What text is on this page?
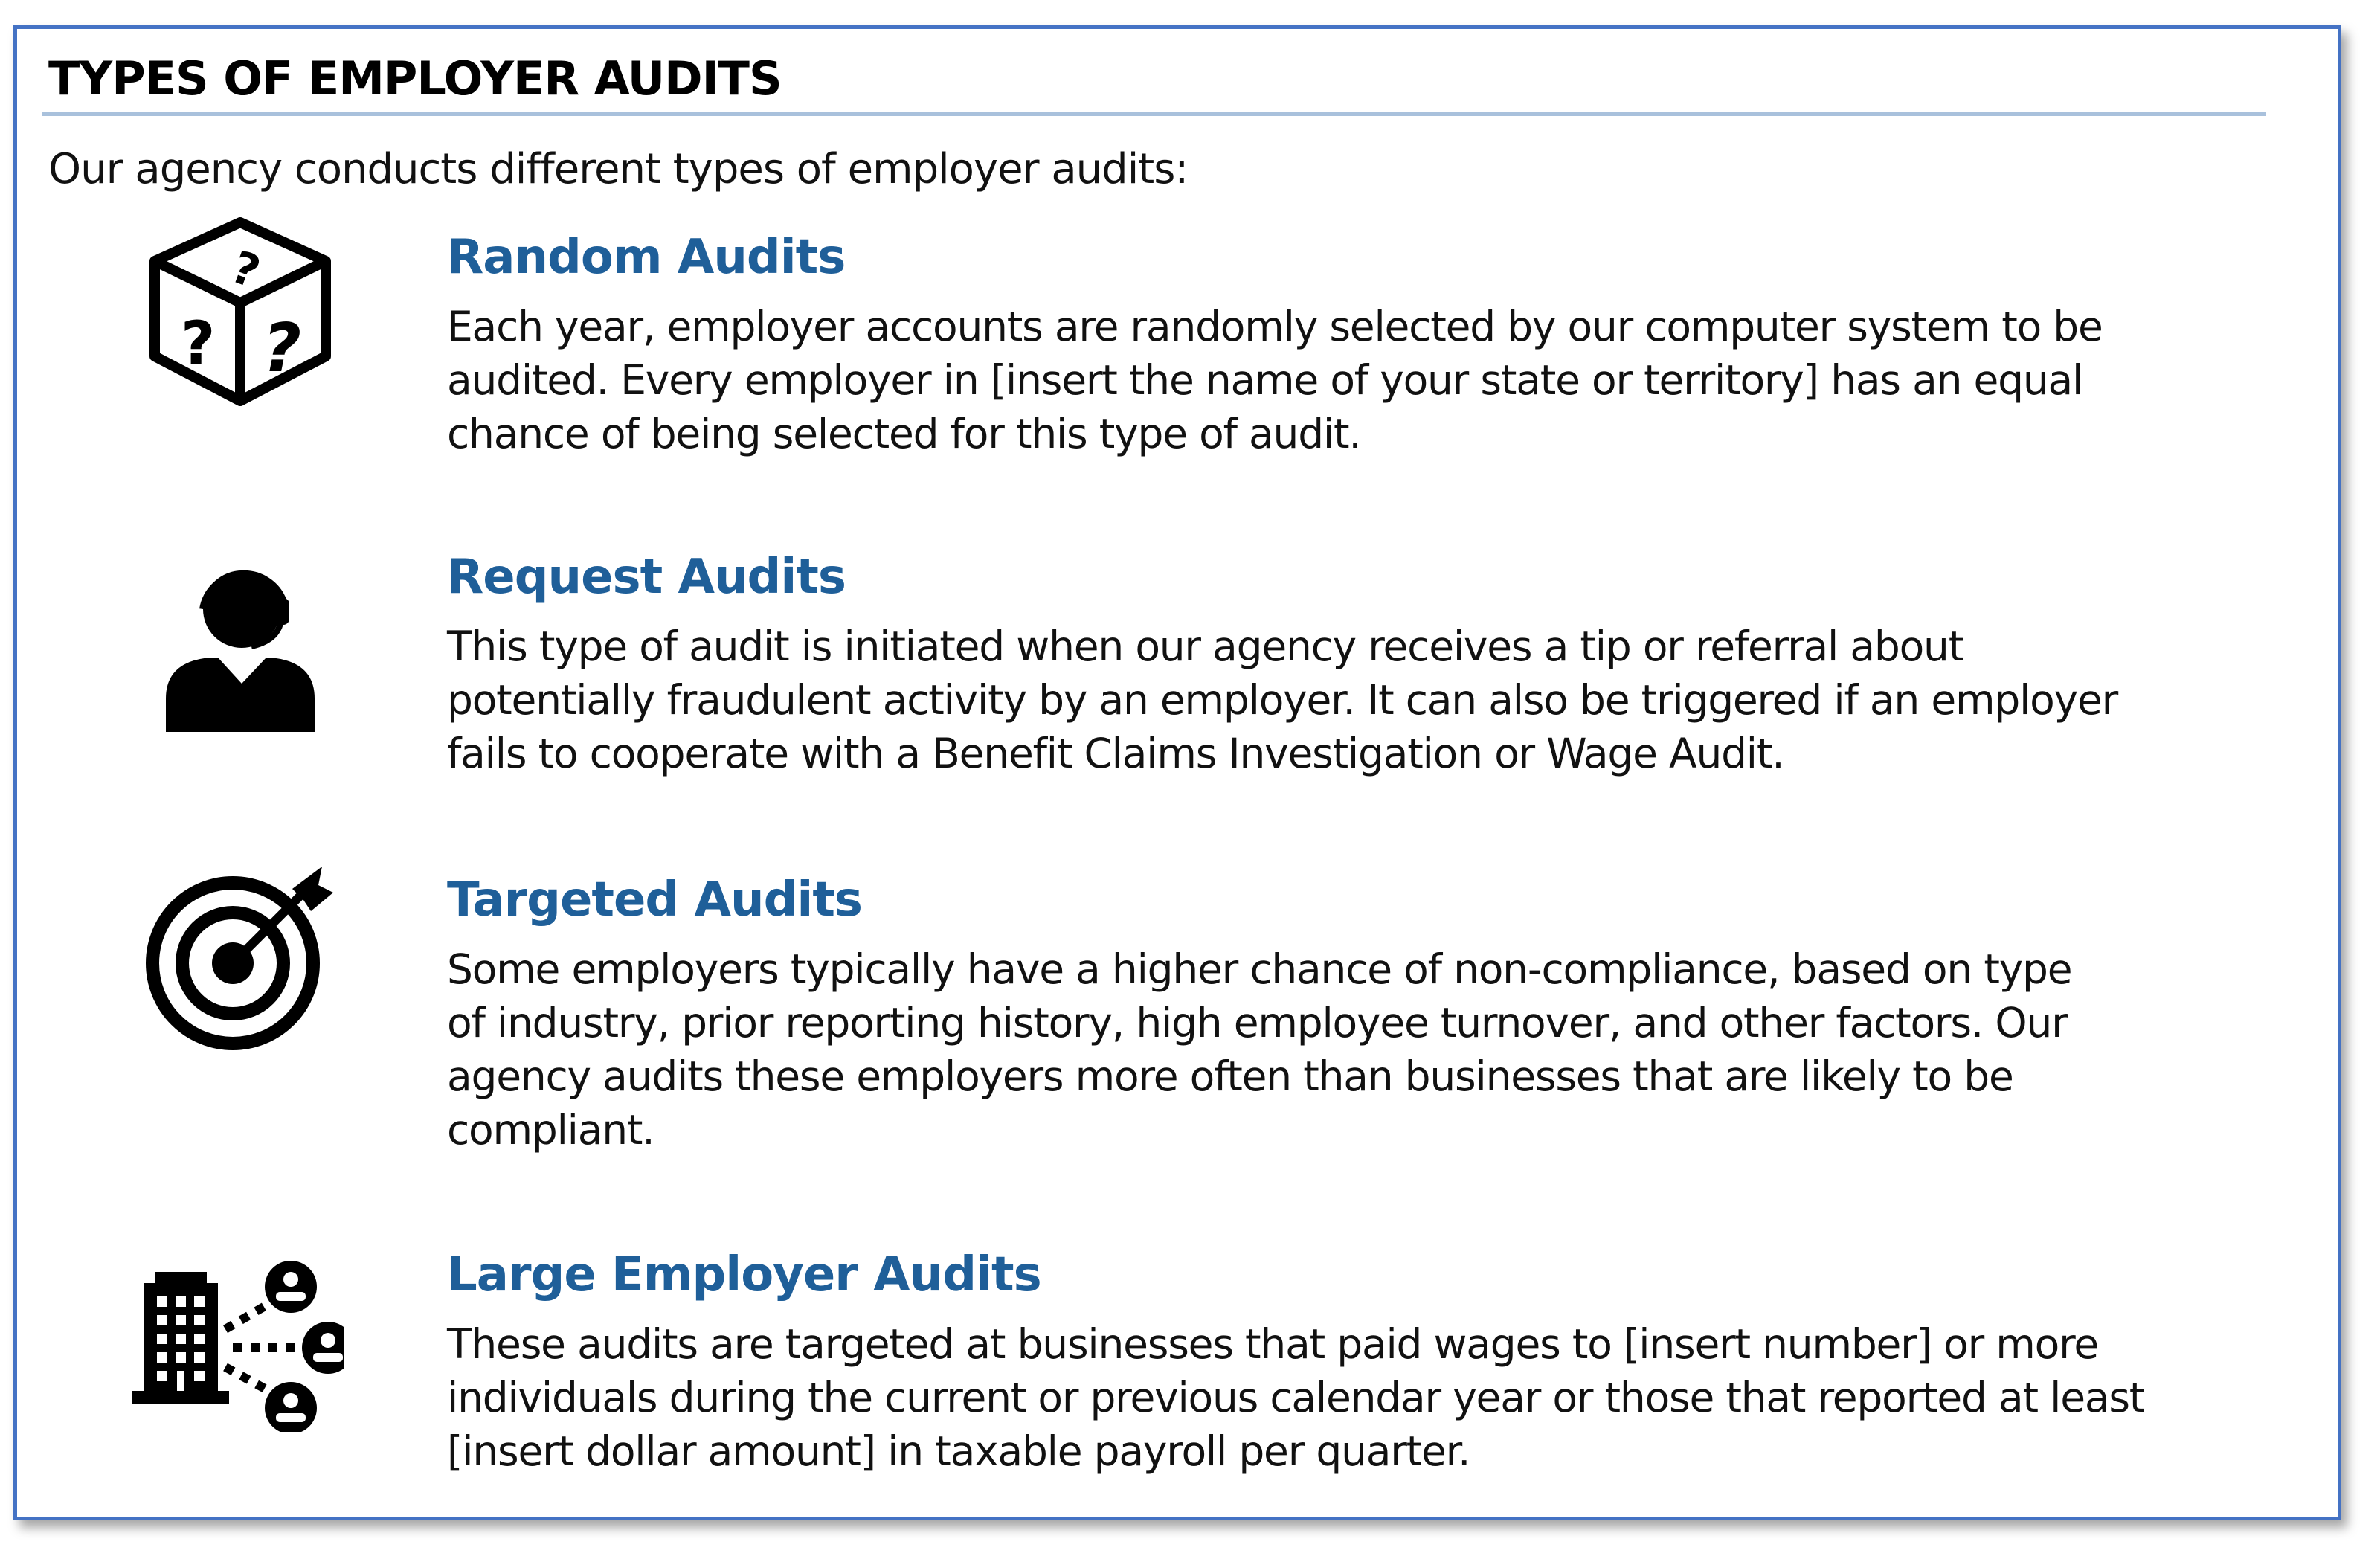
TYPES OF EMPLOYER AUDITS
Our agency conducts different types of employer audits:
?
? ?
Random Audits
Each year, employer accounts are randomly selected by our computer system to be
audited. Every employer in [insert the name of your state or territory] has an equal
chance of being selected for this type of audit.
Request Audits
This type of audit is initiated when our agency receives a tip or referral about
potentially fraudulent activity by an employer. It can also be triggered if an employer
fails to cooperate with a Benefit Claims Investigation or Wage Audit.
Targeted Audits
Some employers typically have a higher chance of non-compliance, based on type
of industry, prior reporting history, high employee turnover, and other factors. Our
agency audits these employers more often than businesses that are likely to be
compliant.
Large Employer Audits
These audits are targeted at businesses that paid wages to [insert number] or more
individuals during the current or previous calendar year or those that reported at least
[insert dollar amount] in taxable payroll per quarter.
